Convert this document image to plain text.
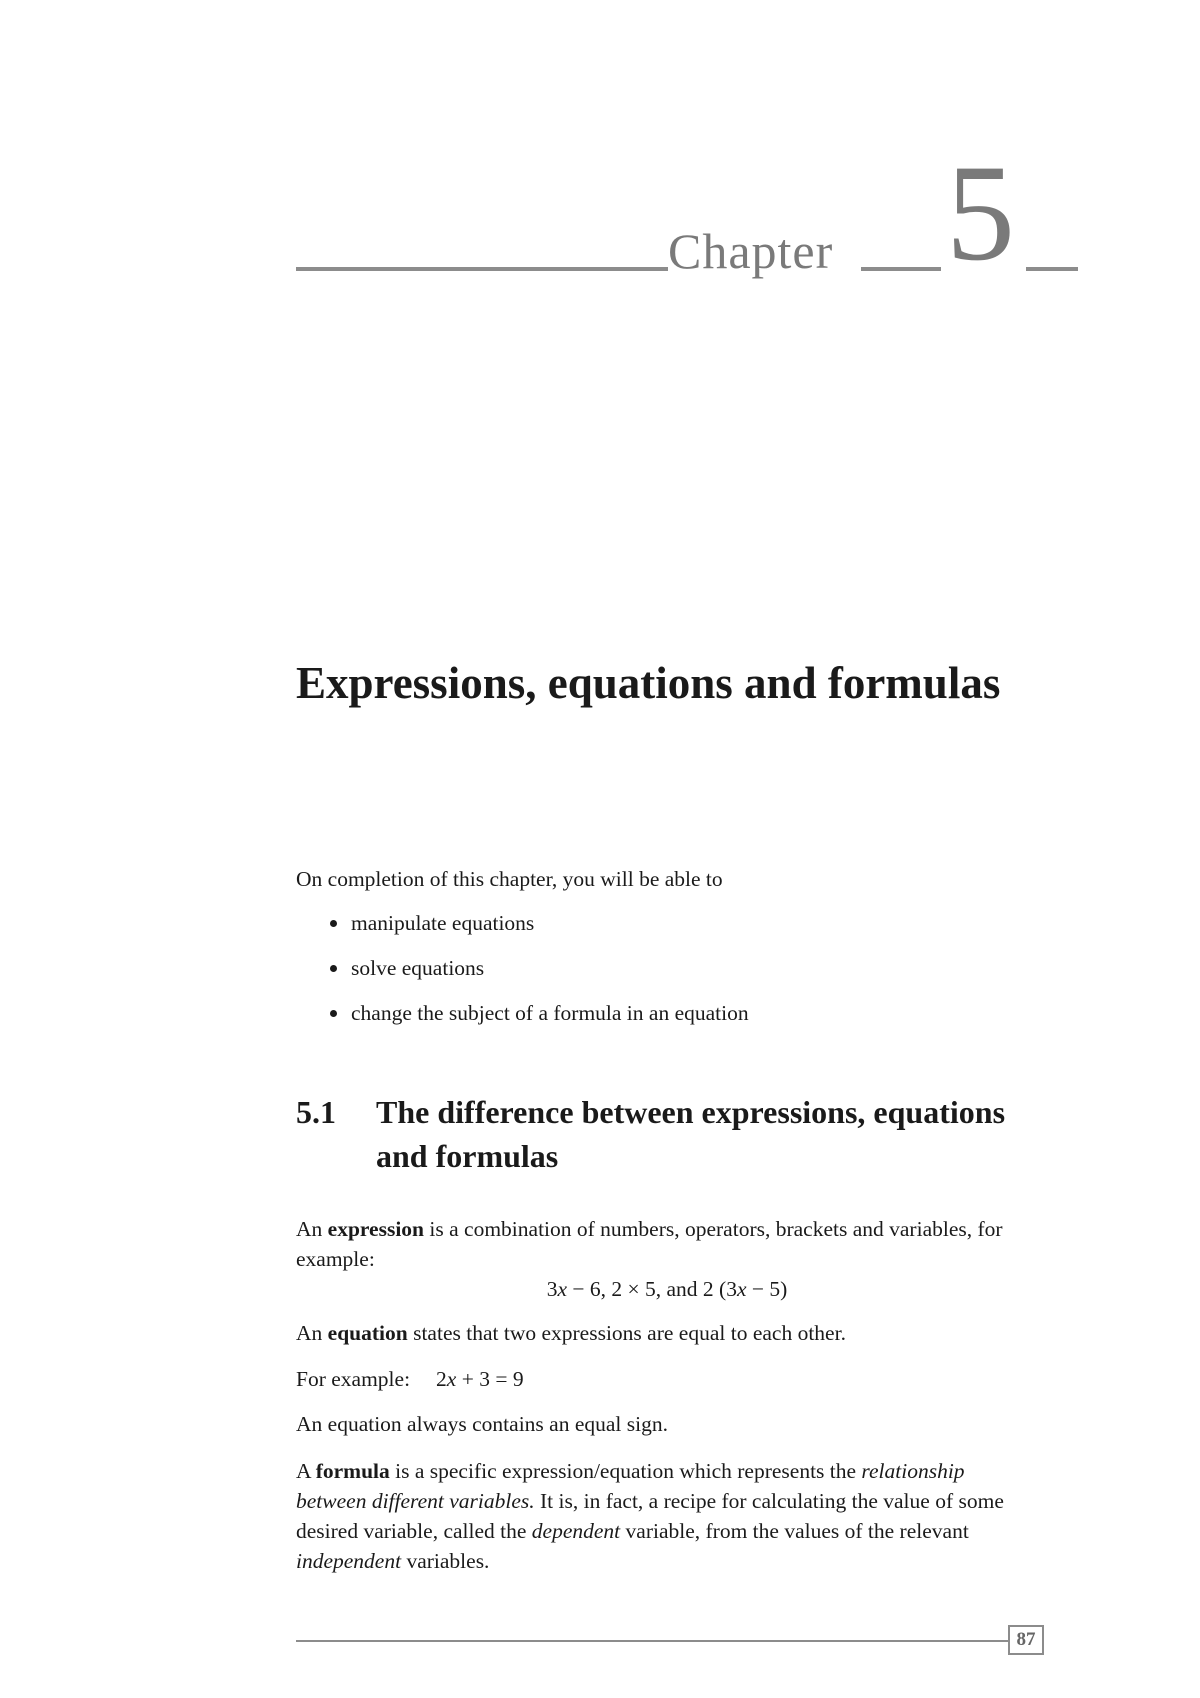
Chapter 5
Expressions, equations and formulas

On completion of this chapter, you will be able to

manipulate equations
solve equations
change the subject of a formula in an equation
5.1	The difference between expressions, equations and formulas

An expression is a combination of numbers, operators, brackets and variables, for example:

3x − 6, 2 × 5, and 2 (3x − 5)

An equation states that two expressions are equal to each other.

For example: 2x + 3 = 9

An equation always contains an equal sign.

A formula is a specific expression/equation which represents the relationship between different variables. It is, in fact, a recipe for calculating the value of some desired variable, called the dependent variable, from the values of the relevant independent variables.

87
